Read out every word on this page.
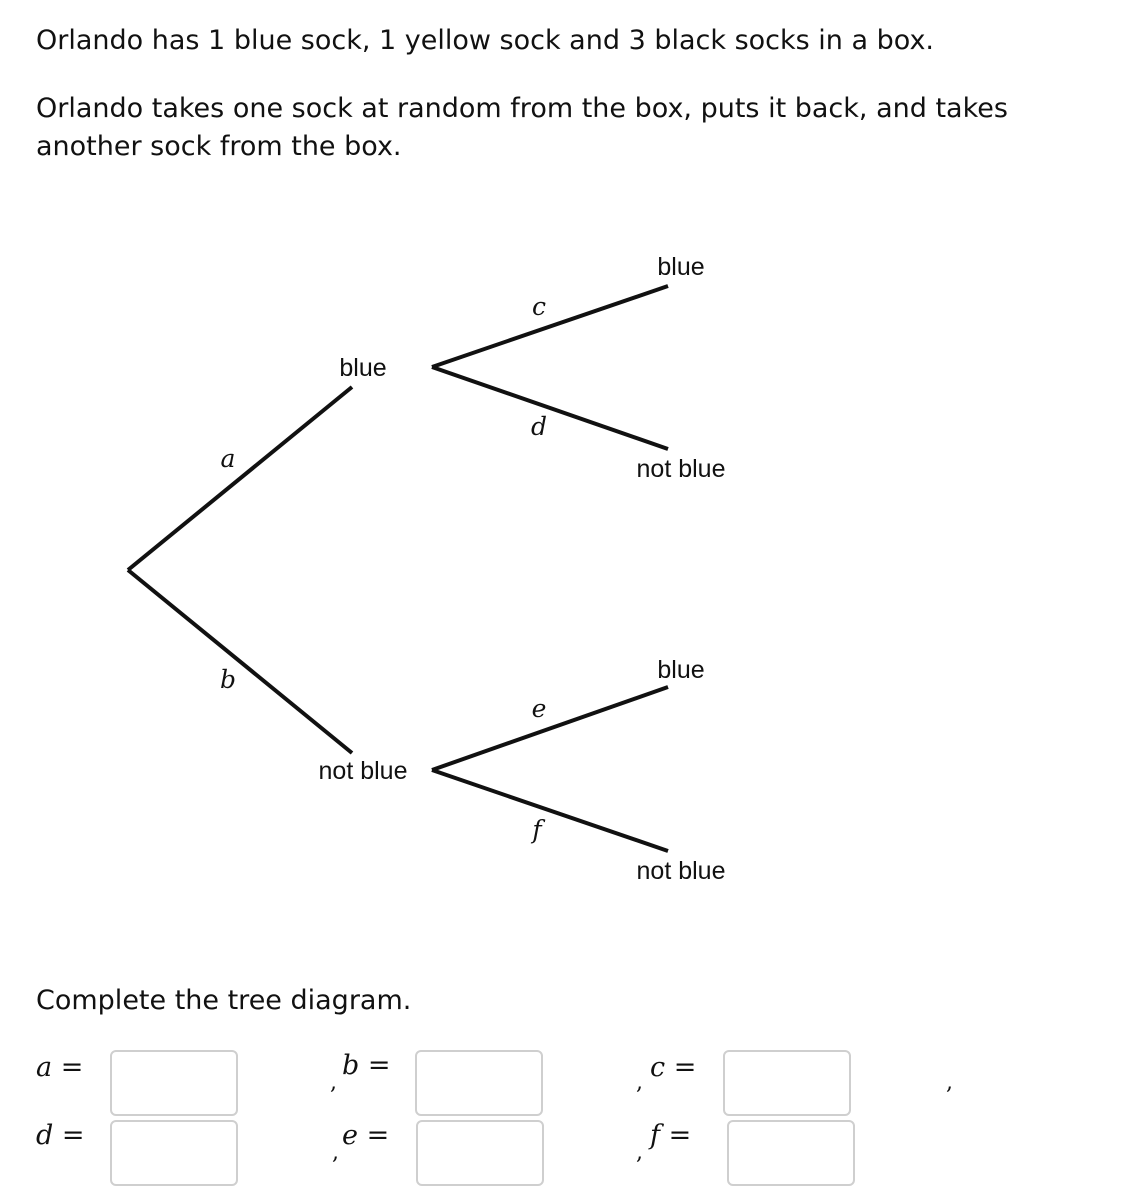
Orlando has 1 blue sock, 1 yellow sock and 3 black socks in a box.

Orlando takes one sock at random from the box, puts it back, and takes another sock from the box.

blue
not blue
blue
not blue
blue
not blue
a
b
c
d
e
f

Complete the tree diagram.

a =	,
b =
, c =	,
d =
,
e =
,
f =
